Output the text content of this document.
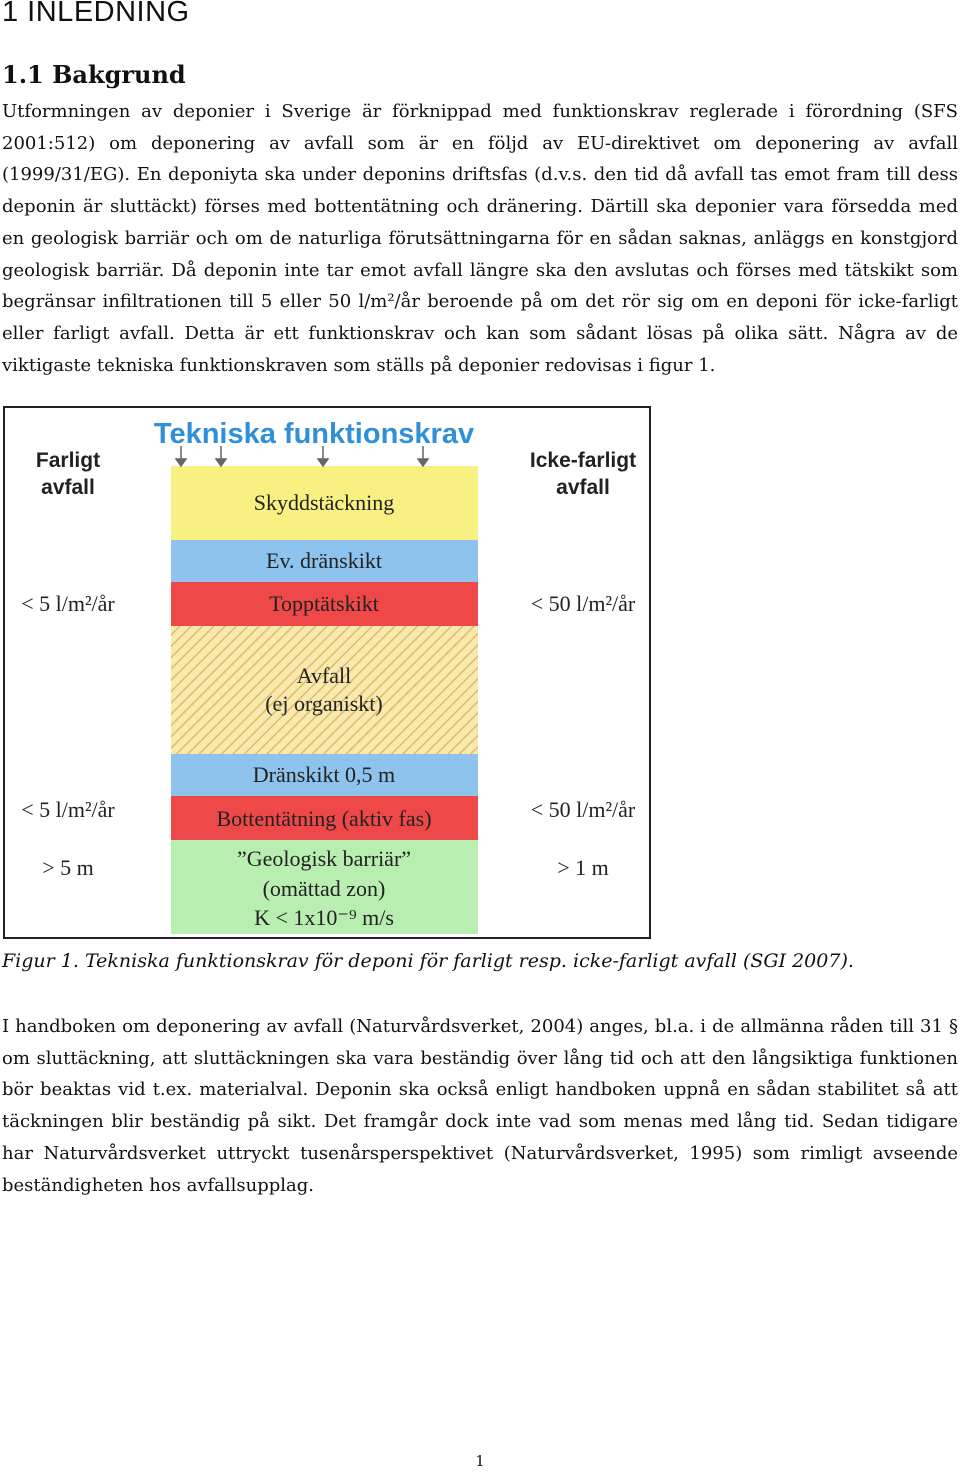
1 INLEDNING
1.1 Bakgrund

Utformningen av deponier i Sverige är förknippad med funktionskrav reglerade i förordning (SFS 2001:512) om deponering av avfall som är en följd av EU-direktivet om deponering av avfall (1999/31/EG). En deponiyta ska under deponins driftsfas (d.v.s. den tid då avfall tas emot fram till dess deponin är sluttäckt) förses med bottentätning och dränering. Därtill ska deponier vara försedda med en geologisk barriär och om de naturliga förutsättningarna för en sådan saknas, anläggs en konstgjord geologisk barriär. Då deponin inte tar emot avfall längre ska den avslutas och förses med tätskikt som begränsar infiltrationen till 5 eller 50 l/m²/år beroende på om det rör sig om en deponi för icke-farligt eller farligt avfall. Detta är ett funktionskrav och kan som sådant lösas på olika sätt. Några av de viktigaste tekniska funktionskraven som ställs på deponier redovisas i figur 1.

Tekniska funktionskrav
Farligt
avfall
Icke-farligt
avfall
Skyddstäckning
Ev. dränskikt
Topptätskikt
Avfall
(ej organiskt)
Dränskikt 0,5 m
Bottentätning (aktiv fas)
”Geologisk barriär”
(omättad zon)
K < 1x10⁻⁹ m/s
< 5 l/m²/år	< 50 l/m²/år
< 5 l/m²/år	< 50 l/m²/år
> 5 m	> 1 m

Figur 1. Tekniska funktionskrav för deponi för farligt resp. icke-farligt avfall (SGI 2007).

I handboken om deponering av avfall (Naturvårdsverket, 2004) anges, bl.a. i de allmänna råden till 31 § om sluttäckning, att sluttäckningen ska vara beständig över lång tid och att den långsiktiga funktionen bör beaktas vid t.ex. materialval. Deponin ska också enligt handboken uppnå en sådan stabilitet så att täckningen blir beständig på sikt. Det framgår dock inte vad som menas med lång tid. Sedan tidigare har Naturvårdsverket uttryckt tusenårsperspektivet (Naturvårdsverket, 1995) som rimligt avseende beständigheten hos avfallsupplag.

1
